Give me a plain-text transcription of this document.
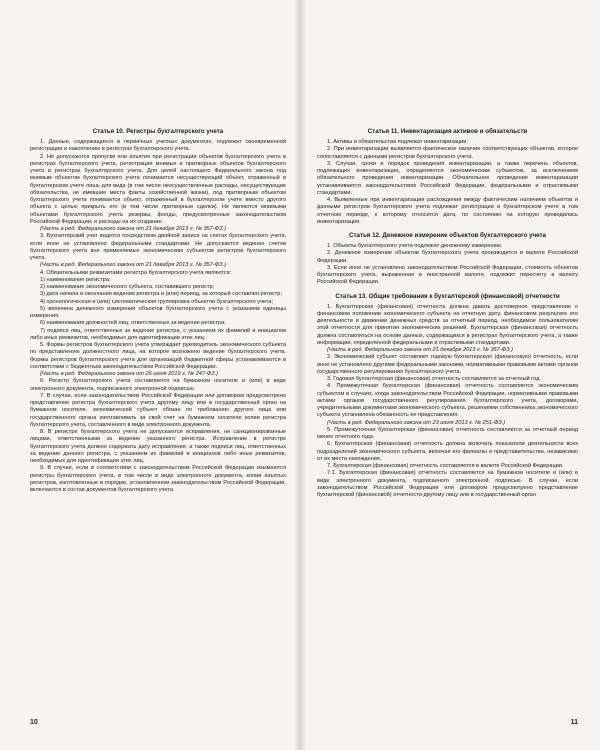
Статья 10. Регистры бухгалтерского учета

1. Данные, содержащиеся в первичных учетных документах, подлежат своевременной регистрации и накоплению в регистрах бухгалтерского учета.

2. Не допускаются пропуски или изъятия при регистрации объектов бухгалтерского учета в регистрах бухгалтерского учета, регистрация мнимых и притворных объектов бухгалтерского учета в регистрах бухгалтерского учета. Для целей настоящего Федерального закона под мнимым объектом бухгалтерского учета понимается несуществующий объект, отраженный в бухгалтерском учете лишь для вида (в том числе неосуществленные расходы, несуществующие обязательства, не имевшие места факты хозяйственной жизни), под притворным объектом бухгалтерского учета понимается объект, отраженный в бухгалтерском учете вместо другого объекта с целью прикрыть его (в том числе притворные сделки). Не являются мнимыми объектами бухгалтерского учета резервы, фонды, предусмотренные законодательством Российской Федерации, и расходы на их создание.

(Часть в ред. Федерального закона от 21 декабря 2013 г. № 357-ФЗ.)

3. Бухгалтерский учет ведется посредством двойной записи на счетах бухгалтерского учета, если иное не установлено федеральными стандартами. Не допускается ведение счетов бухгалтерского учета вне применяемых экономическим субъектом регистров бухгалтерского учета.

(Часть в ред. Федерального закона от 21 декабря 2013 г. № 357-ФЗ.)

4. Обязательными реквизитами регистра бухгалтерского учета являются:

1) наименование регистра;

2) наименование экономического субъекта, составившего регистр;

3) дата начала и окончания ведения регистра и (или) период, за который составлен регистр;

4) хронологическая и (или) систематическая группировка объектов бухгалтерского учета;

5) величина денежного измерения объектов бухгалтерского учета с указанием единицы измерения;

6) наименования должностей лиц, ответственных за ведение регистра;

7) подписи лиц, ответственных за ведение регистра, с указанием их фамилий и инициалов либо иных реквизитов, необходимых для идентификации этих лиц.

5. Формы регистров бухгалтерского учета утверждает руководитель экономического субъекта по представлению должностного лица, на которое возложено ведение бухгалтерского учета. Формы регистров бухгалтерского учета для организаций бюджетной сферы устанавливаются в соответствии с бюджетным законодательством Российской Федерации.

(Часть в ред. Федерального закона от 26 июля 2019 г. № 247-ФЗ.)

6. Регистр бухгалтерского учета составляется на бумажном носителе и (или) в виде электронного документа, подписанного электронной подписью.

7. В случае, если законодательством Российской Федерации или договором предусмотрено представление регистра бухгалтерского учета другому лицу или в государственный орган на бумажном носителе, экономический субъект обязан по требованию другого лица или государственного органа изготавливать за свой счет на бумажном носителе копии регистра бухгалтерского учета, составленного в виде электронного документа.

8. В регистре бухгалтерского учета не допускаются исправления, не санкционированные лицами, ответственными за ведение указанного регистра. Исправление в регистре бухгалтерского учета должно содержать дату исправления, а также подписи лиц, ответственных за ведение данного регистра, с указанием их фамилий и инициалов либо иных реквизитов, необходимых для идентификации этих лиц.

9. В случае, если в соответствии с законодательством Российской Федерации изымаются регистры бухгалтерского учета, в том числе в виде электронного документа, копии изъятых регистров, изготовленные в порядке, установленном законодательством Российской Федерации, включаются в состав документов бухгалтерского учета.

10
Статья 11. Инвентаризация активов и обязательств

1. Активы и обязательства подлежат инвентаризации.

2. При инвентаризации выявляется фактическое наличие соответствующих объектов, которое сопоставляется с данными регистров бухгалтерского учета.

3. Случаи, сроки и порядок проведения инвентаризации, а также перечень объектов, подлежащих инвентаризации, определяются экономическим субъектом, за исключением обязательного проведения инвентаризации. Обязательное проведение инвентаризации устанавливается законодательством Российской Федерации, федеральными и отраслевыми стандартами.

4. Выявленные при инвентаризации расхождения между фактическим наличием объектов и данными регистров бухгалтерского учета подлежат регистрации в бухгалтерском учете в том отчетном периоде, к которому относится дата, по состоянию на которую проводилась инвентаризация.

Статья 12. Денежное измерение объектов бухгалтерского учета

1. Объекты бухгалтерского учета подлежат денежному измерению.

2. Денежное измерение объектов бухгалтерского учета производится в валюте Российской Федерации.

3. Если иное не установлено законодательством Российской Федерации, стоимость объектов бухгалтерского учета, выраженная в иностранной валюте, подлежит пересчету в валюту Российской Федерации.

Статья 13. Общие требования к бухгалтерской (финансовой) отчетности

1. Бухгалтерская (финансовая) отчетность должна давать достоверное представление о финансовом положении экономического субъекта на отчетную дату, финансовом результате его деятельности и движении денежных средств за отчетный период, необходимое пользователям этой отчетности для принятия экономических решений. Бухгалтерская (финансовая) отчетность должна составляться на основе данных, содержащихся в регистрах бухгалтерского учета, а также информации, определенной федеральными и отраслевыми стандартами.

(Часть в ред. Федерального закона от 21 декабря 2013 г. № 357-ФЗ.)

2. Экономический субъект составляет годовую бухгалтерскую (финансовую) отчетность, если иное не установлено другими федеральными законами, нормативными правовыми актами органов государственного регулирования бухгалтерского учета.

3. Годовая бухгалтерская (финансовая) отчетность составляется за отчетный год.

4. Промежуточная бухгалтерская (финансовая) отчетность составляется экономическим субъектом в случаях, когда законодательством Российской Федерации, нормативными правовыми актами органов государственного регулирования бухгалтерского учета, договорами, учредительными документами экономического субъекта, решениями собственника экономического субъекта установлена обязанность ее представления.

(Часть в ред. Федерального закона от 23 июля 2013 г. № 251-ФЗ.)

5. Промежуточная бухгалтерская (финансовая) отчетность составляется за отчетный период менее отчетного года.

6. Бухгалтерская (финансовая) отчетность должна включать показатели деятельности всех подразделений экономического субъекта, включая его филиалы и представительства, независимо от их места нахождения.

7. Бухгалтерская (финансовая) отчетность составляется в валюте Российской Федерации.

7.1. Бухгалтерская (финансовая) отчетность составляется на бумажном носителе и (или) в виде электронного документа, подписанного электронной подписью. В случае, если законодательством Российской Федерации или договором предусмотрено представление бухгалтерской (финансовой) отчетности другому лицу или в государственный орган

11
